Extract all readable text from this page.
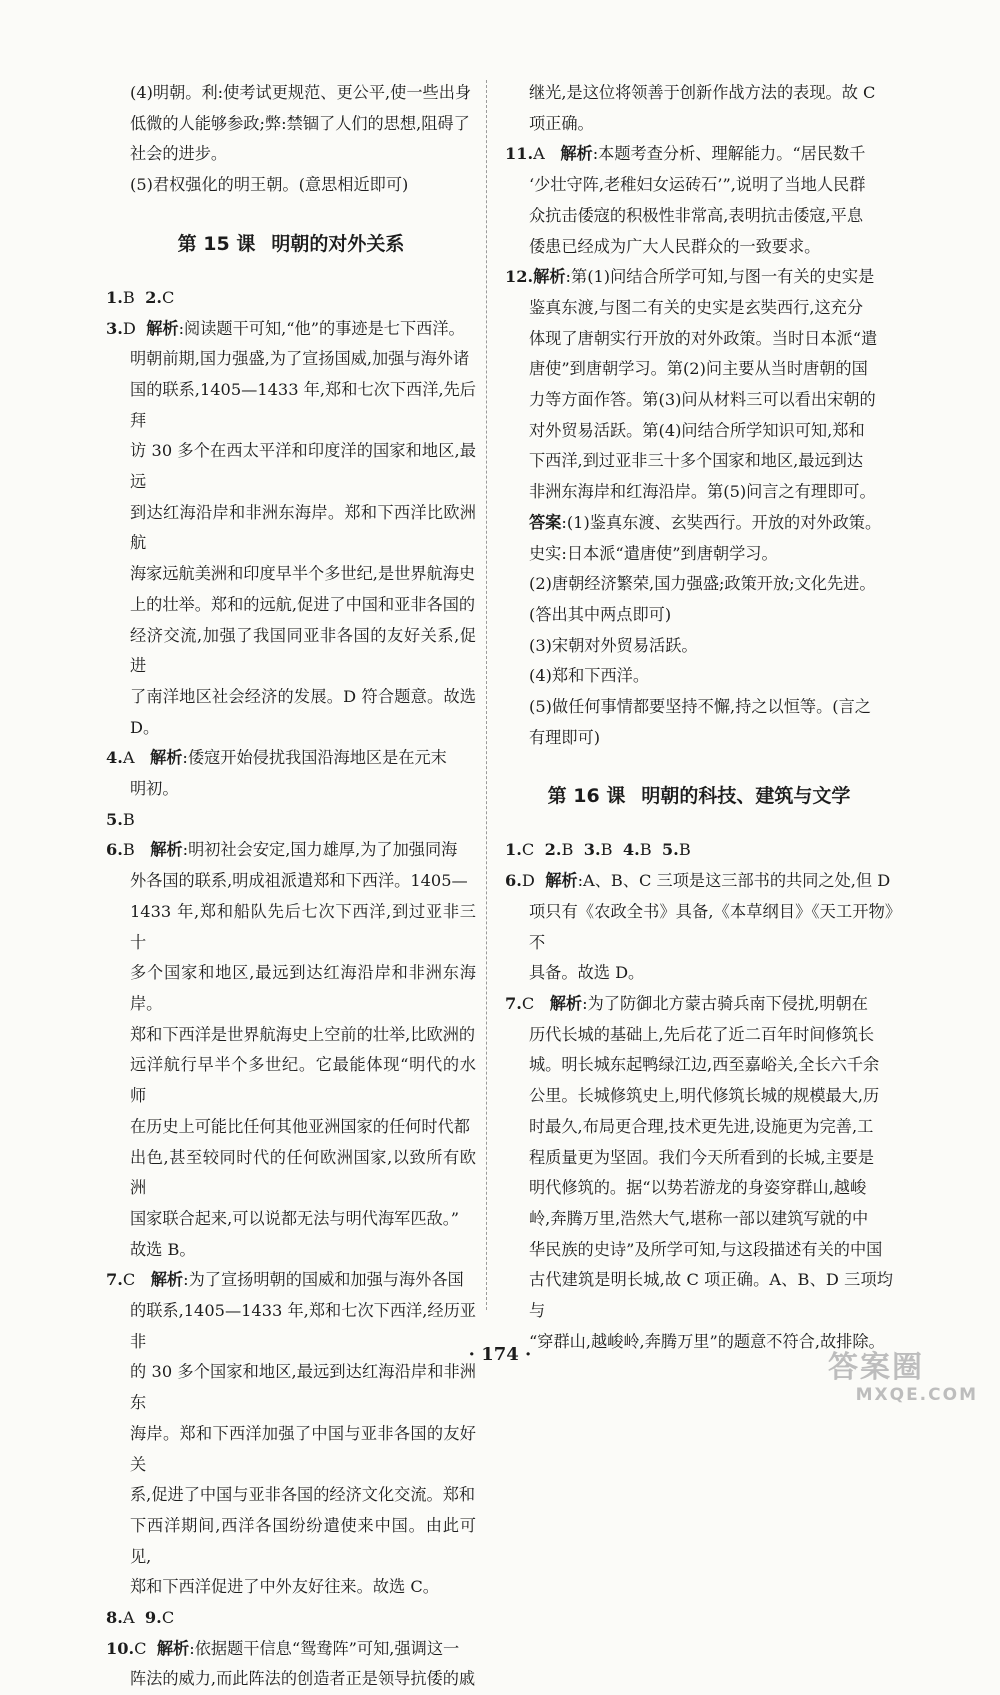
(4)明朝。利:使考试更规范、更公平,使一些出身

低微的人能够参政;弊:禁锢了人们的思想,阻碍了

社会的进步。

(5)君权强化的明王朝。(意思相近即可)

第 15 课 明朝的对外关系

1.B 2.C

3.D 解析:阅读题干可知,“他”的事迹是七下西洋。

明朝前期,国力强盛,为了宣扬国威,加强与海外诸

国的联系,1405—1433 年,郑和七次下西洋,先后拜

访 30 多个在西太平洋和印度洋的国家和地区,最远

到达红海沿岸和非洲东海岸。郑和下西洋比欧洲航

海家远航美洲和印度早半个多世纪,是世界航海史

上的壮举。郑和的远航,促进了中国和亚非各国的

经济交流,加强了我国同亚非各国的友好关系,促进

了南洋地区社会经济的发展。D 符合题意。故选 D。

4.A 解析:倭寇开始侵扰我国沿海地区是在元末

明初。

5.B

6.B 解析:明初社会安定,国力雄厚,为了加强同海

外各国的联系,明成祖派遣郑和下西洋。1405—

1433 年,郑和船队先后七次下西洋,到过亚非三十

多个国家和地区,最远到达红海沿岸和非洲东海岸。

郑和下西洋是世界航海史上空前的壮举,比欧洲的

远洋航行早半个多世纪。它最能体现“明代的水师

在历史上可能比任何其他亚洲国家的任何时代都

出色,甚至较同时代的任何欧洲国家,以致所有欧洲

国家联合起来,可以说都无法与明代海军匹敌。”

故选 B。

7.C 解析:为了宣扬明朝的国威和加强与海外各国

的联系,1405—1433 年,郑和七次下西洋,经历亚非

的 30 多个国家和地区,最远到达红海沿岸和非洲东

海岸。郑和下西洋加强了中国与亚非各国的友好关

系,促进了中国与亚非各国的经济文化交流。郑和

下西洋期间,西洋各国纷纷遣使来中国。由此可见,

郑和下西洋促进了中外友好往来。故选 C。

8.A 9.C

10.C 解析:依据题干信息“鸳鸯阵”可知,强调这一

阵法的威力,而此阵法的创造者正是领导抗倭的戚

继光,是这位将领善于创新作战方法的表现。故 C

项正确。

11.A 解析:本题考查分析、理解能力。“居民数千

‘少壮守阵,老稚妇女运砖石’”,说明了当地人民群

众抗击倭寇的积极性非常高,表明抗击倭寇,平息

倭患已经成为广大人民群众的一致要求。

12.解析:第(1)问结合所学可知,与图一有关的史实是

鉴真东渡,与图二有关的史实是玄奘西行,这充分

体现了唐朝实行开放的对外政策。当时日本派“遣

唐使”到唐朝学习。第(2)问主要从当时唐朝的国

力等方面作答。第(3)问从材料三可以看出宋朝的

对外贸易活跃。第(4)问结合所学知识可知,郑和

下西洋,到过亚非三十多个国家和地区,最远到达

非洲东海岸和红海沿岸。第(5)问言之有理即可。

答案:(1)鉴真东渡、玄奘西行。开放的对外政策。

史实:日本派“遣唐使”到唐朝学习。

(2)唐朝经济繁荣,国力强盛;政策开放;文化先进。

(答出其中两点即可)

(3)宋朝对外贸易活跃。

(4)郑和下西洋。

(5)做任何事情都要坚持不懈,持之以恒等。(言之

有理即可)

第 16 课 明朝的科技、建筑与文学

1.C 2.B 3.B 4.B 5.B

6.D 解析:A、B、C 三项是这三部书的共同之处,但 D

项只有《农政全书》具备,《本草纲目》《天工开物》不

具备。故选 D。

7.C 解析:为了防御北方蒙古骑兵南下侵扰,明朝在

历代长城的基础上,先后花了近二百年时间修筑长

城。明长城东起鸭绿江边,西至嘉峪关,全长六千余

公里。长城修筑史上,明代修筑长城的规模最大,历

时最久,布局更合理,技术更先进,设施更为完善,工

程质量更为坚固。我们今天所看到的长城,主要是

明代修筑的。据“以势若游龙的身姿穿群山,越峻

岭,奔腾万里,浩然大气,堪称一部以建筑写就的中

华民族的史诗”及所学可知,与这段描述有关的中国

古代建筑是明长城,故 C 项正确。A、B、D 三项均与

“穿群山,越峻岭,奔腾万里”的题意不符合,故排除。

· 174 ·	答案圈
MXQE.COM
